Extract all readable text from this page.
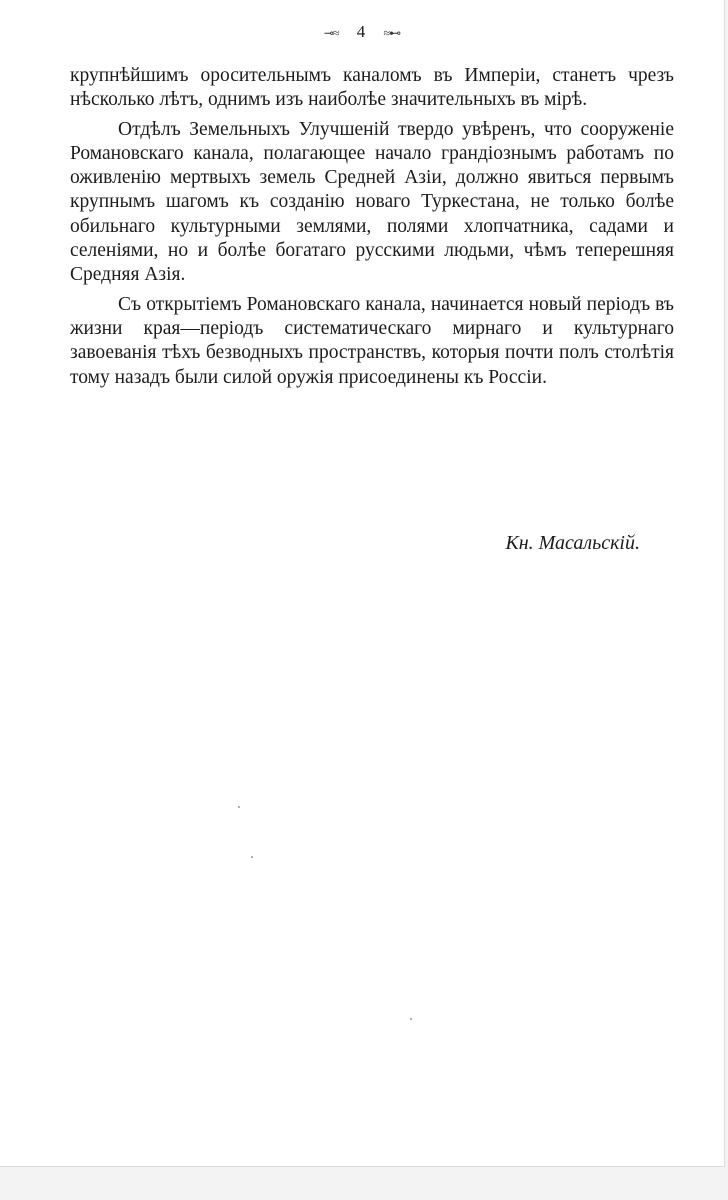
⊸≈ 4 ≈⊷

крупнѣйшимъ оросительнымъ каналомъ въ Имперіи, станетъ чрезъ нѣсколько лѣтъ, однимъ изъ наиболѣе значительныхъ въ мірѣ.

Отдѣлъ Земельныхъ Улучшеній твердо увѣренъ, что сооруженіе Романовскаго канала, полагающее начало грандіознымъ работамъ по оживленію мертвыхъ земель Средней Азіи, должно явиться первымъ крупнымъ шагомъ къ созданію новаго Туркестана, не только болѣе обильнаго культурными землями, полями хлопчатника, садами и селеніями, но и болѣе богатаго русскими людьми, чѣмъ теперешняя Средняя Азія.

Съ открытіемъ Романовскаго канала, начинается новый періодъ въ жизни края—періодъ систематическаго мирнаго и культурнаго завоеванія тѣхъ безводныхъ пространствъ, которыя почти полъ столѣтія тому назадъ были силой оружія присоединены къ Россіи.

Кн. Масальскій.
